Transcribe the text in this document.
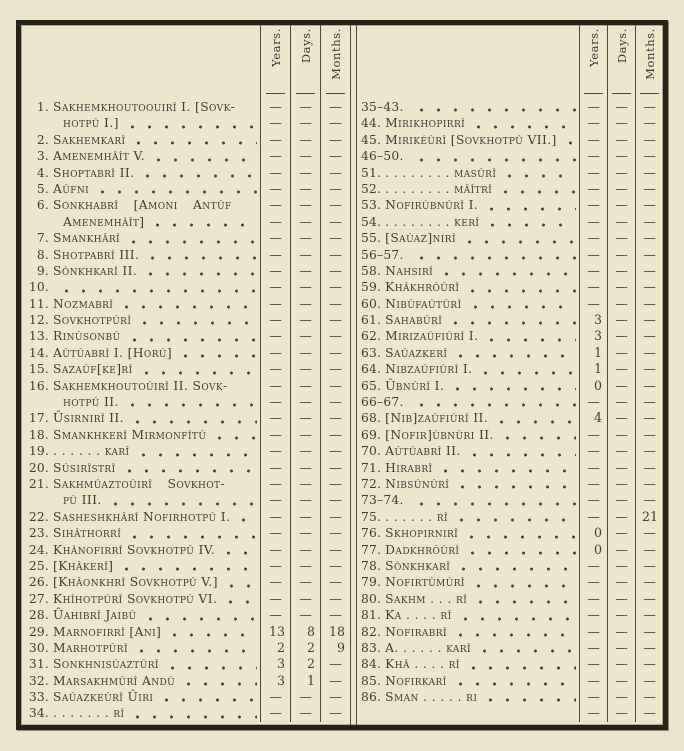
Years. Days. Months.
1. Sakhemkhoutoouirî I. [Sovk-	—	—	—
hotpû I.]	—	—	—
2. Sakhemkarî	—	—	—
3. Amenemhâît V.	—	—	—
4. Shoptabrî II.	—	—	—
5. Aûfni	—	—	—
6. Sonkhabrî [Amoni Antûf	—	—	—
Amenemhâît]	—	—	—
7. Smankhârî	—	—	—
8. Shotpabrî III.	—	—	—
9. Sônkhkarî II.	—	—	—
10.	—	—	—
11. Nozmabrî	—	—	—
12. Sovkhotpûrî	—	—	—
13. Rinûsonbû	—	—	—
14. Aûtûabrî I. [Horû]	—	—	—
15. Sazaûf[ke]rî	—	—	—
16. Sakhemkhoutoûirî II. Sovk-	—	—	—
hotpû II.	—	—	—
17. Ûsirnirî II.	—	—	—
18. Smankhkerî Mirmonfîtû	—	—	—
19. . . . . . . karî	—	—	—
20. Sûsirîstrî	—	—	—
21. Sakhmûaztoûirî Sovkhot-	—	—	—
pû III.	—	—	—
22. Sasheshkhârî Nofirhotpû I.	—	—	—
23. Sihâthorrî	—	—	—
24. Khânofirrî Sovkhotpû IV.	—	—	—
25. [Khâkerî]	—	—	—
26. [Khâonkhrî Sovkhotpû V.]	—	—	—
27. Khîhotpûrî Sovkhotpû VI.	—	—	—
28. Ûahibrî Jaibû	—	—	—
29. Marnofirrî [Ani]	13	8	18
30. Marhotpûrî	2	2	9
31. Sonkhnisûaztûrî	3	2	—
32. Marsakhmûrî Andû	3	1	—
33. Saûazkeûrî Ûiri	—	—	—
34. . . . . . . . rî	—	—	—
Years. Days. Months.
35–43.	—	—	—
44. Mirikhopirrî	—	—	—
45. Mirikéûrî [Sovkhotpû VII.]	—	—	—
46–50.	—	—	—
51. . . . . . . . . masûrî	—	—	—
52. . . . . . . . . mâîtrî	—	—	—
53. Nofirûbnûrî I.	—	—	—
54. . . . . . . . . kerî	—	—	—
55. [Saûaz]nirî	—	—	—
56–57.	—	—	—
58. Nahsirî	—	—	—
59. Khâkhrôûrî	—	—	—
60. Nibûfaûtûrî	—	—	—
61. Sahabûrî	3	—	—
62. Mirizaûfiûrî I.	3	—	—
63. Saûazkerî	1	—	—
64. Nibzaûfiûrî I.	1	—	—
65. Ûbnûrî I.	0	—	—
66–67.	—	—	—
68. [Nib]zaûfiûrî II.	4	—	—
69. [Nofir]ûbnûri II.	—	—	—
70. Aûtûabrî II.	—	—	—
71. Hirabrî	—	—	—
72. Nibsûnûrî	—	—	—
73–74.	—	—	—
75. . . . . . . rî	—	—	21
76. Skhopirnirî	0	—	—
77. Dadkhrôûrî	0	—	—
78. Sônkhkarî	—	—	—
79. Nofirtûmûrî	—	—	—
80. Sakhm . . . rî	—	—	—
81. Ka . . . . rî	—	—	—
82. Nofirabrî	—	—	—
83. A. . . . . . karî	—	—	—
84. Khâ . . . . rî	—	—	—
85. Nofirkarî	—	—	—
86. Sman . . . . . ri	—	—	—
—	—	—
